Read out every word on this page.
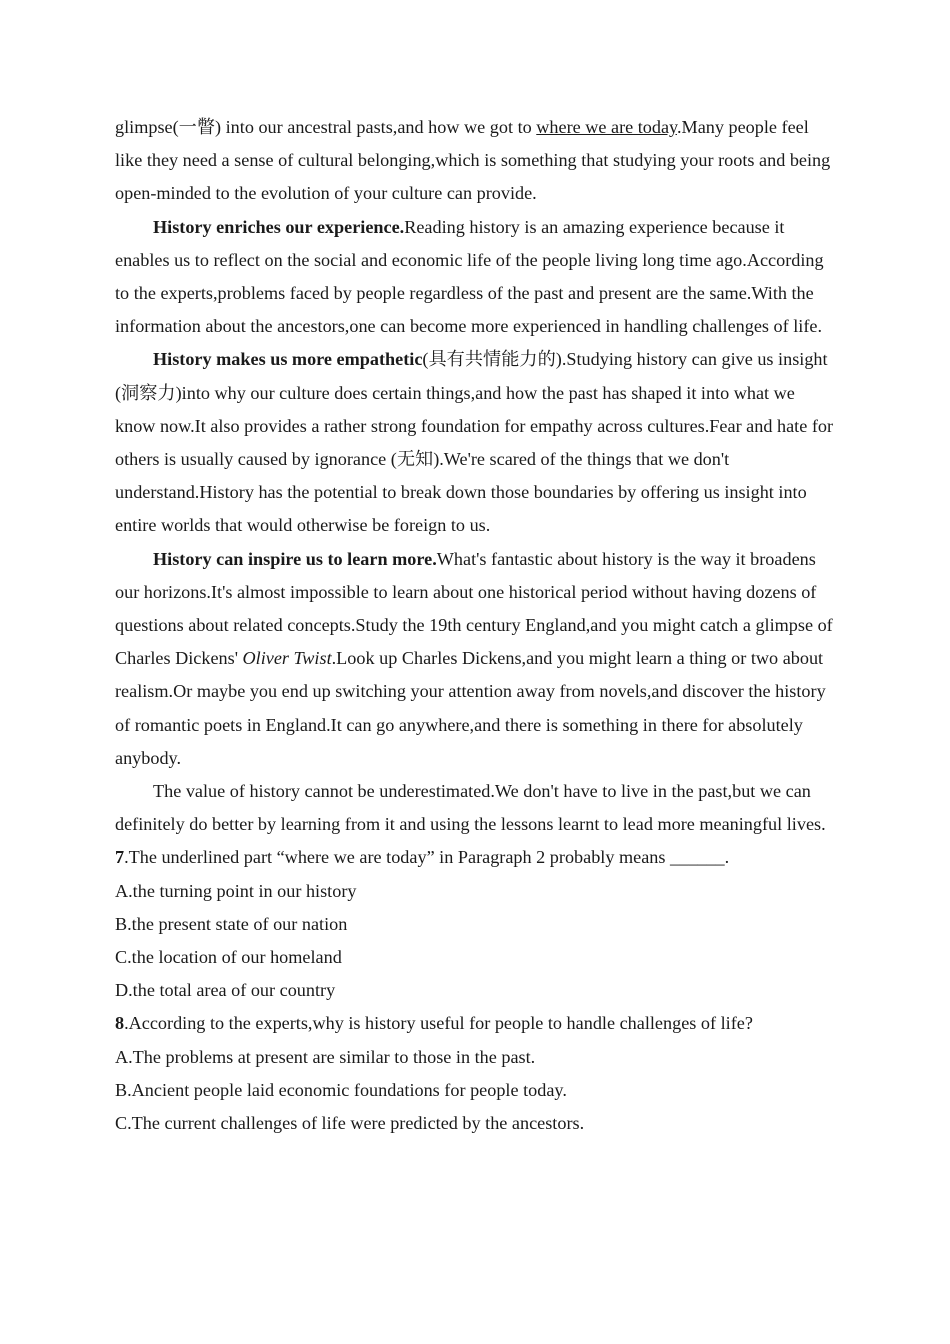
glimpse(一瞥) into our ancestral pasts,and how we got to where we are today.Many people feel like they need a sense of cultural belonging,which is something that studying your roots and being open-minded to the evolution of your culture can provide.

History enriches our experience.Reading history is an amazing experience because it enables us to reflect on the social and economic life of the people living long time ago.According to the experts,problems faced by people regardless of the past and present are the same.With the information about the ancestors,one can become more experienced in handling challenges of life.

History makes us more empathetic(具有共情能力的).Studying history can give us insight (洞察力)into why our culture does certain things,and how the past has shaped it into what we know now.It also provides a rather strong foundation for empathy across cultures.Fear and hate for others is usually caused by ignorance (无知).We're scared of the things that we don't understand.History has the potential to break down those boundaries by offering us insight into entire worlds that would otherwise be foreign to us.

History can inspire us to learn more.What's fantastic about history is the way it broadens our horizons.It's almost impossible to learn about one historical period without having dozens of questions about related concepts.Study the 19th century England,and you might catch a glimpse of Charles Dickens' Oliver Twist.Look up Charles Dickens,and you might learn a thing or two about realism.Or maybe you end up switching your attention away from novels,and discover the history of romantic poets in England.It can go anywhere,and there is something in there for absolutely anybody.

The value of history cannot be underestimated.We don't have to live in the past,but we can definitely do better by learning from it and using the lessons learnt to lead more meaningful lives.

7.The underlined part “where we are today” in Paragraph 2 probably means ______.

A.the turning point in our history

B.the present state of our nation

C.the location of our homeland

D.the total area of our country

8.According to the experts,why is history useful for people to handle challenges of life?

A.The problems at present are similar to those in the past.

B.Ancient people laid economic foundations for people today.

C.The current challenges of life were predicted by the ancestors.
